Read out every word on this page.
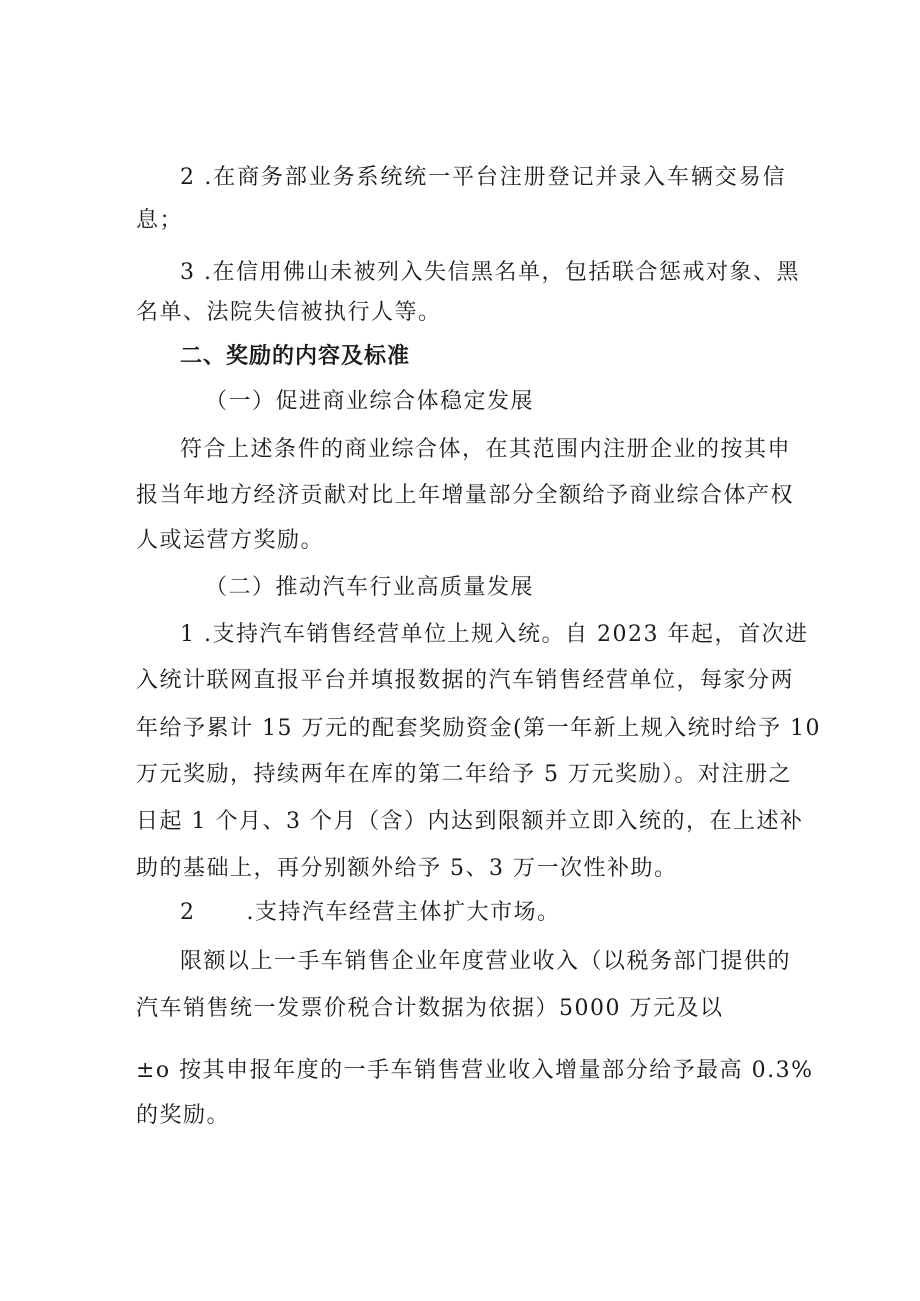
2 .在商务部业务系统统一平台注册登记并录入车辆交易信
息；
3 .在信用佛山未被列入失信黑名单，包括联合惩戒对象、黑
名单、法院失信被执行人等。
二、奖励的内容及标准
（一）促进商业综合体稳定发展
符合上述条件的商业综合体，在其范围内注册企业的按其申
报当年地方经济贡献对比上年增量部分全额给予商业综合体产权
人或运营方奖励。
（二）推动汽车行业高质量发展
1 .支持汽车销售经营单位上规入统。自 2023 年起，首次进
入统计联网直报平台并填报数据的汽车销售经营单位，每家分两
年给予累计 15 万元的配套奖励资金(第一年新上规入统时给予 10
万元奖励，持续两年在库的第二年给予 5 万元奖励）。对注册之
日起 1 个月、3 个月（含）内达到限额并立即入统的，在上述补
助的基础上，再分别额外给予 5、3 万一次性补助。
2      .支持汽车经营主体扩大市场。
限额以上一手车销售企业年度营业收入（以税务部门提供的
汽车销售统一发票价税合计数据为依据）5000 万元及以
±o 按其申报年度的一手车销售营业收入增量部分给予最高 0.3%
的奖励。
